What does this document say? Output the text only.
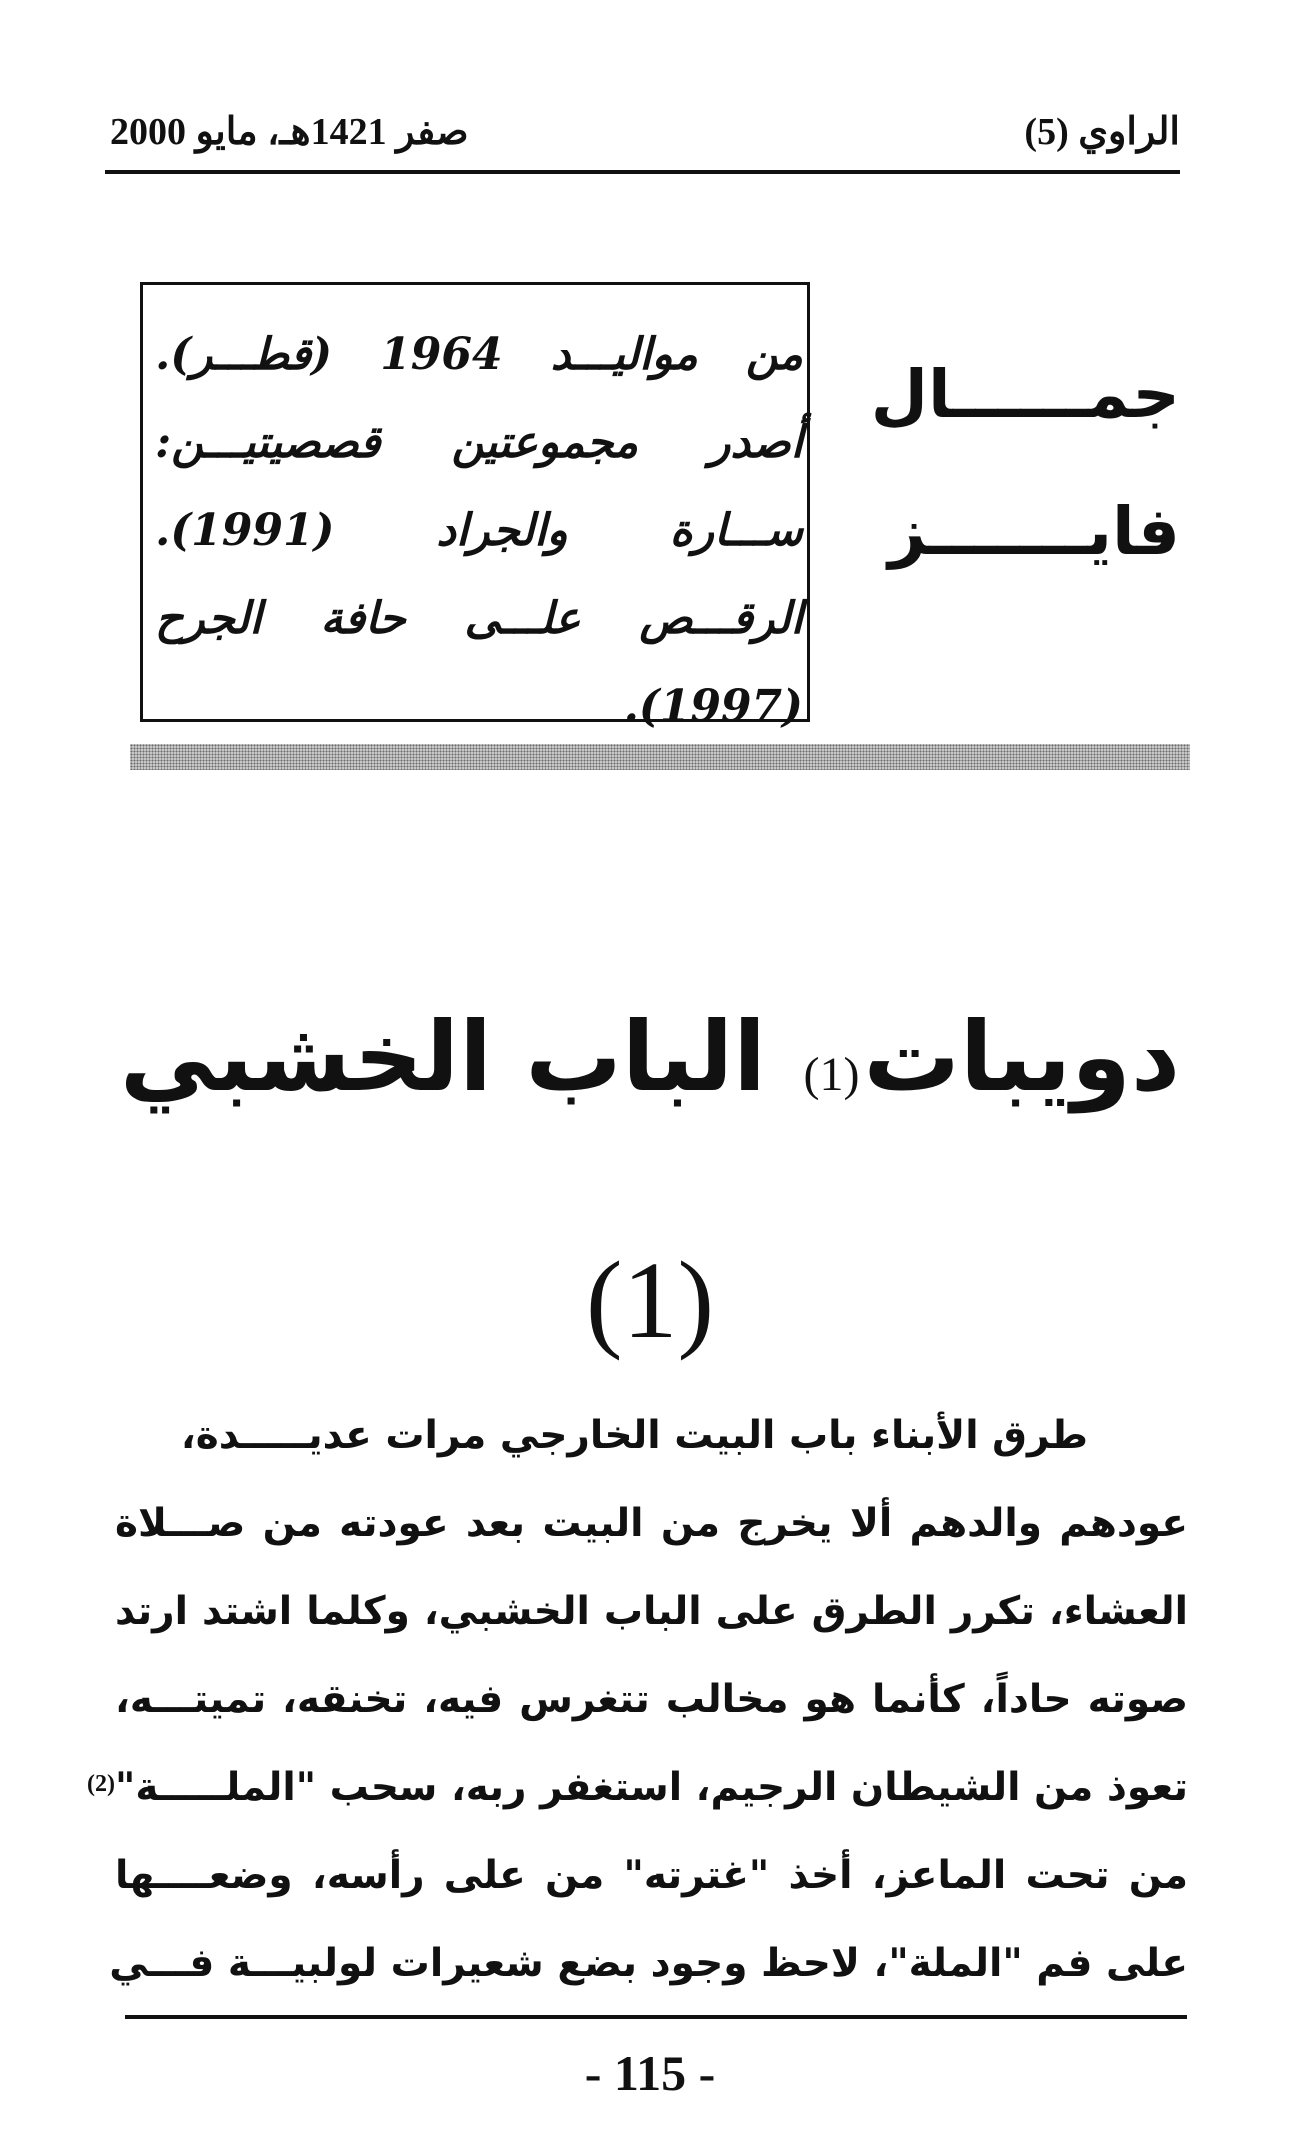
الراوي (5)
صفر 1421هـ، مايو 2000
جمــــــال
فايـــــــز
من مواليـــد 1964 (قطـــر). أصدر مجموعتين قصصيتيـــن: ســـارة والجراد (1991). الرقـــص علـــى حافة الجرح (1997).
دويبات$^{(1)}$ الباب الخشبي
(1)
طرق الأبناء باب البيت الخارجي مرات عديـــــدة،
عودهم والدهم ألا يخرج من البيت بعد عودته من صـــلاة
العشاء، تكرر الطرق على الباب الخشبي، وكلما اشتد ارتد
صوته حاداً، كأنما هو مخالب تتغرس فيه، تخنقه، تميتـــه،
تعوذ من الشيطان الرجيم، استغفر ربه، سحب "الملـــــة"$^{(2)}$
من تحت الماعز، أخذ "غترته" من على رأسه، وضعــــها
على فم "الملة"، لاحظ وجود بضع شعيرات لولبيـــة فـــي
- 115 -
